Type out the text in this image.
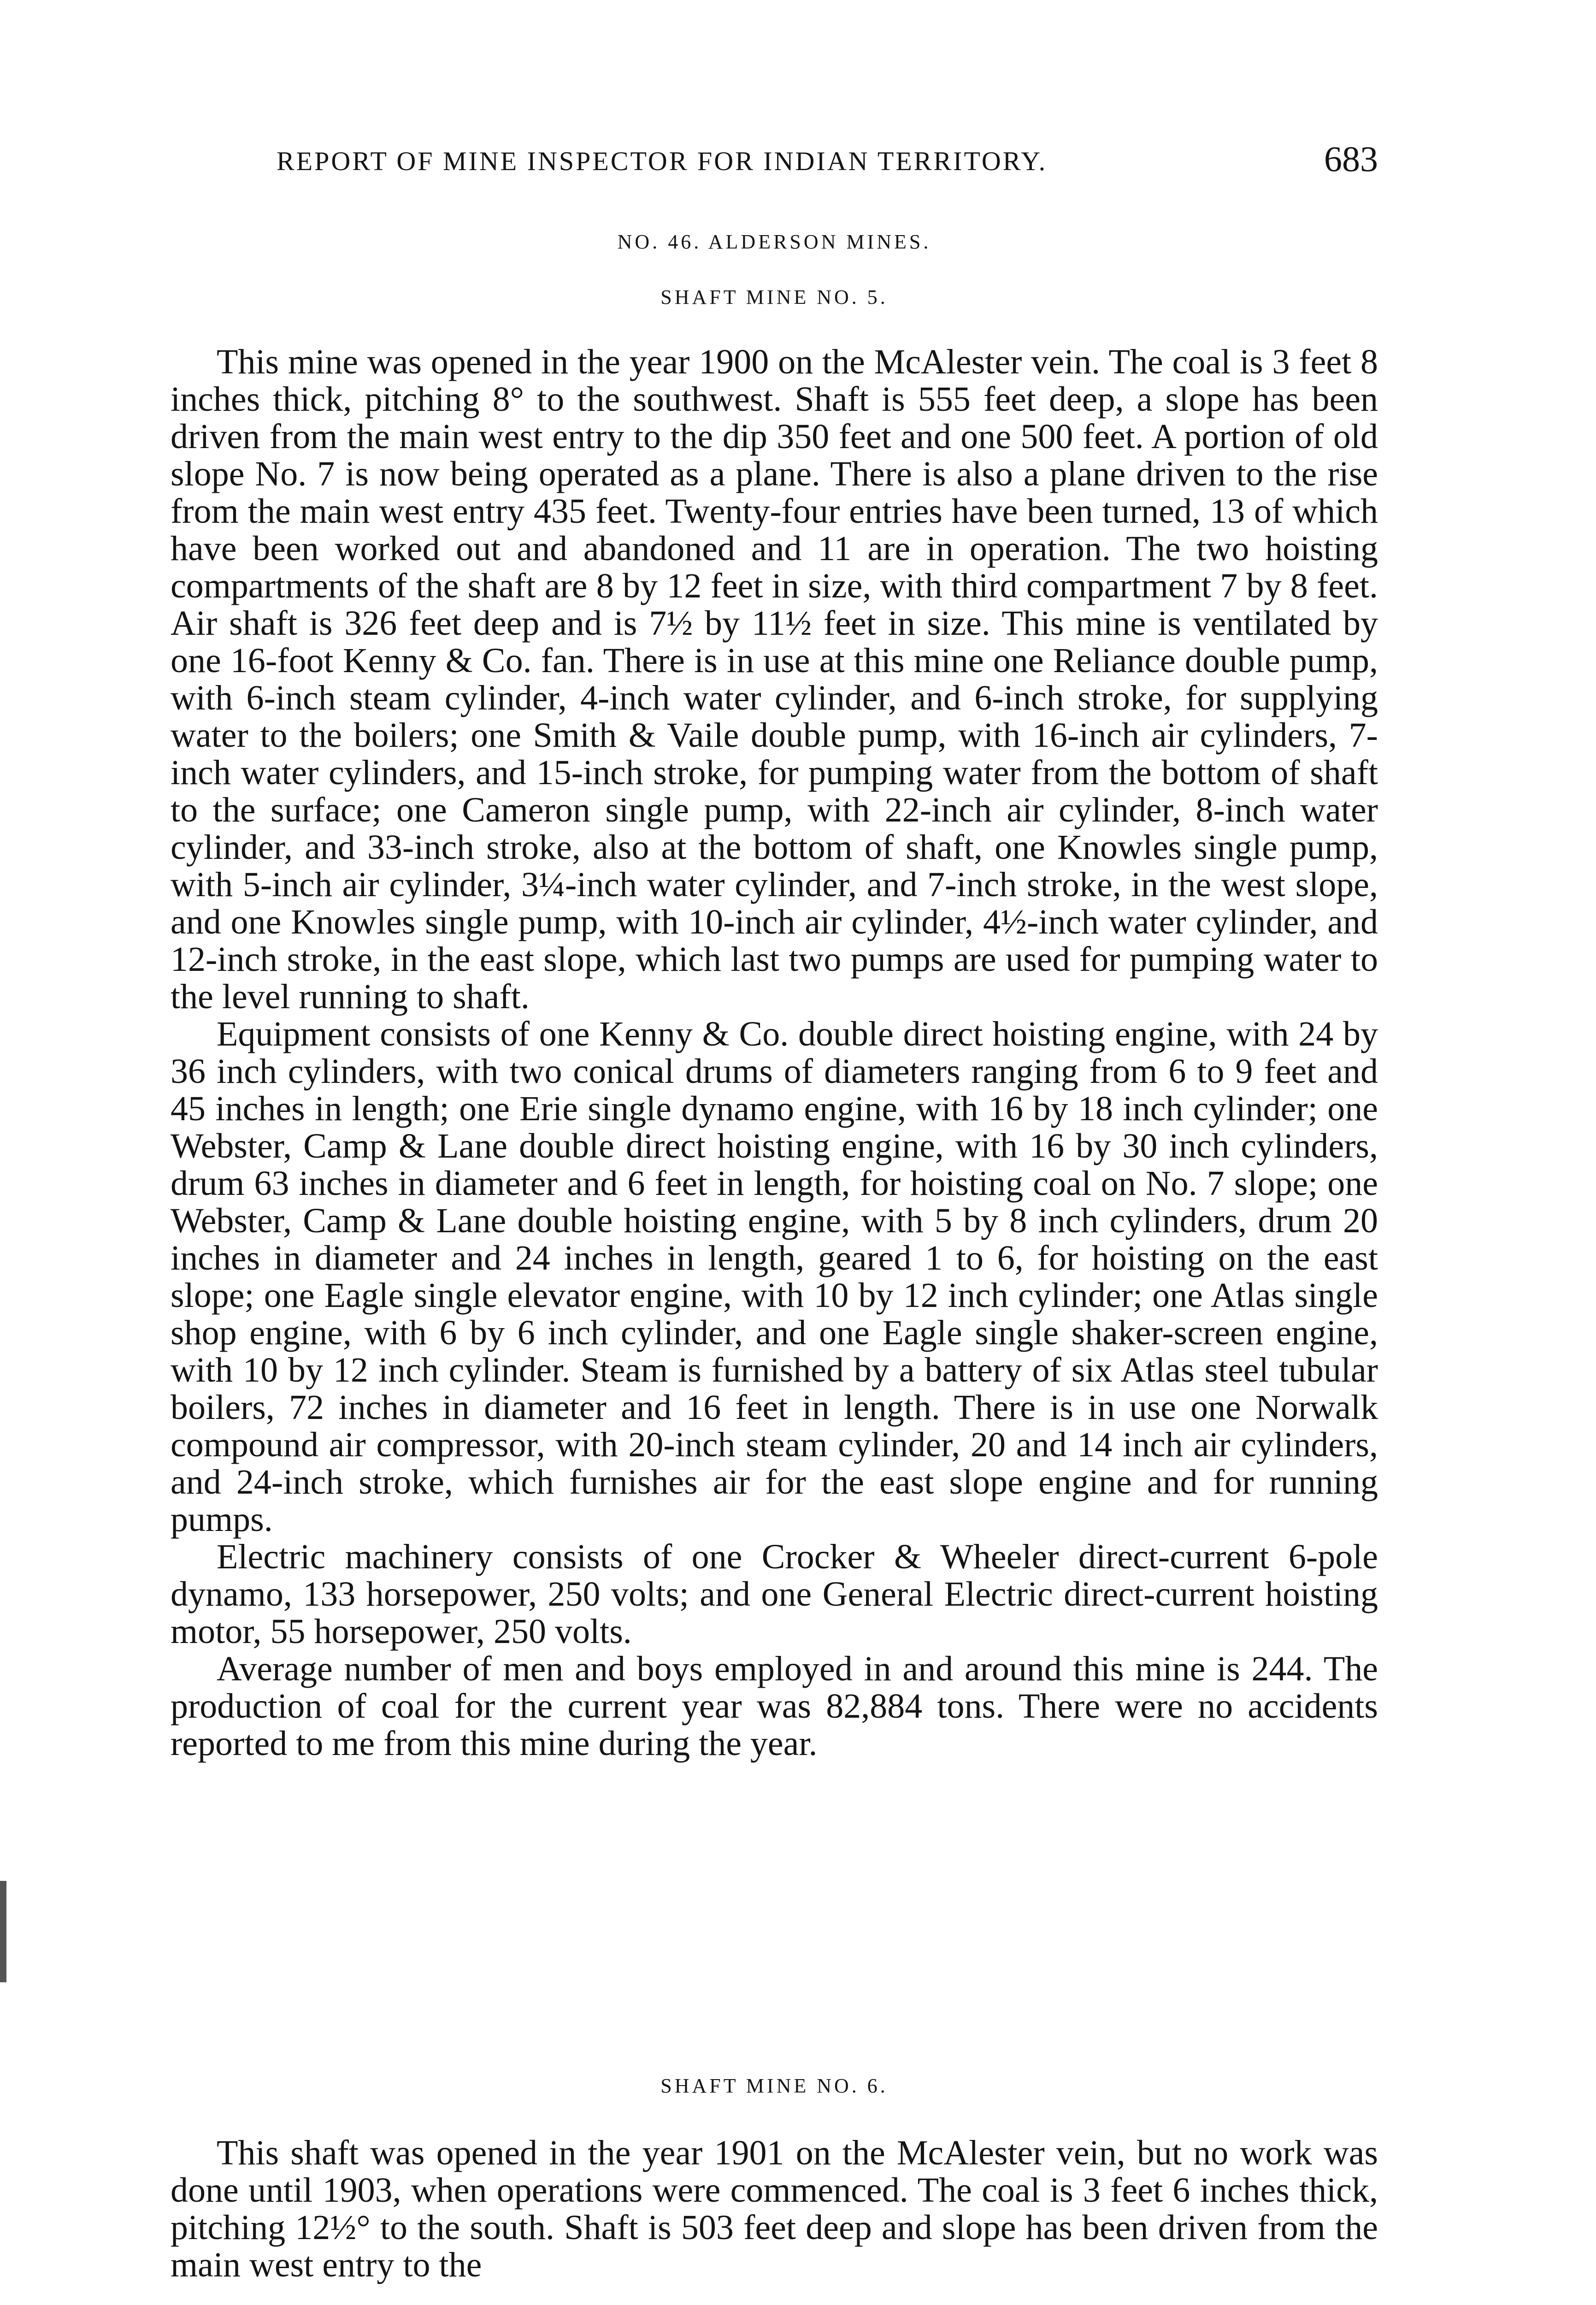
REPORT OF MINE INSPECTOR FOR INDIAN TERRITORY.	683
NO. 46. ALDERSON MINES.
SHAFT MINE NO. 5.

This mine was opened in the year 1900 on the McAlester vein. The coal is 3 feet 8 inches thick, pitching 8° to the southwest. Shaft is 555 feet deep, a slope has been driven from the main west entry to the dip 350 feet and one 500 feet. A portion of old slope No. 7 is now being operated as a plane. There is also a plane driven to the rise from the main west entry 435 feet. Twenty-four entries have been turned, 13 of which have been worked out and abandoned and 11 are in operation. The two hoisting compartments of the shaft are 8 by 12 feet in size, with third compartment 7 by 8 feet. Air shaft is 326 feet deep and is 7½ by 11½ feet in size. This mine is ventilated by one 16-foot Kenny & Co. fan. There is in use at this mine one Reliance double pump, with 6-inch steam cylinder, 4-inch water cylinder, and 6-inch stroke, for supplying water to the boilers; one Smith & Vaile double pump, with 16-inch air cylinders, 7-inch water cylinders, and 15-inch stroke, for pumping water from the bottom of shaft to the surface; one Cameron single pump, with 22-inch air cylinder, 8-inch water cylinder, and 33-inch stroke, also at the bottom of shaft, one Knowles single pump, with 5-inch air cylinder, 3¼-inch water cylinder, and 7-inch stroke, in the west slope, and one Knowles single pump, with 10-inch air cylinder, 4½-inch water cylinder, and 12-inch stroke, in the east slope, which last two pumps are used for pumping water to the level running to shaft.

Equipment consists of one Kenny & Co. double direct hoisting engine, with 24 by 36 inch cylinders, with two conical drums of diameters ranging from 6 to 9 feet and 45 inches in length; one Erie single dynamo engine, with 16 by 18 inch cylinder; one Webster, Camp & Lane double direct hoisting engine, with 16 by 30 inch cylinders, drum 63 inches in diameter and 6 feet in length, for hoisting coal on No. 7 slope; one Webster, Camp & Lane double hoisting engine, with 5 by 8 inch cylinders, drum 20 inches in diameter and 24 inches in length, geared 1 to 6, for hoisting on the east slope; one Eagle single elevator engine, with 10 by 12 inch cylinder; one Atlas single shop engine, with 6 by 6 inch cylinder, and one Eagle single shaker-screen engine, with 10 by 12 inch cylinder. Steam is furnished by a battery of six Atlas steel tubular boilers, 72 inches in diameter and 16 feet in length. There is in use one Norwalk compound air compressor, with 20-inch steam cylinder, 20 and 14 inch air cylinders, and 24-inch stroke, which furnishes air for the east slope engine and for running pumps.

Electric machinery consists of one Crocker & Wheeler direct-current 6-pole dynamo, 133 horsepower, 250 volts; and one General Electric direct-current hoisting motor, 55 horsepower, 250 volts.

Average number of men and boys employed in and around this mine is 244. The production of coal for the current year was 82,884 tons. There were no accidents reported to me from this mine during the year.

SHAFT MINE NO. 6.

This shaft was opened in the year 1901 on the McAlester vein, but no work was done until 1903, when operations were commenced. The coal is 3 feet 6 inches thick, pitching 12½° to the south. Shaft is 503 feet deep and slope has been driven from the main west entry to the
